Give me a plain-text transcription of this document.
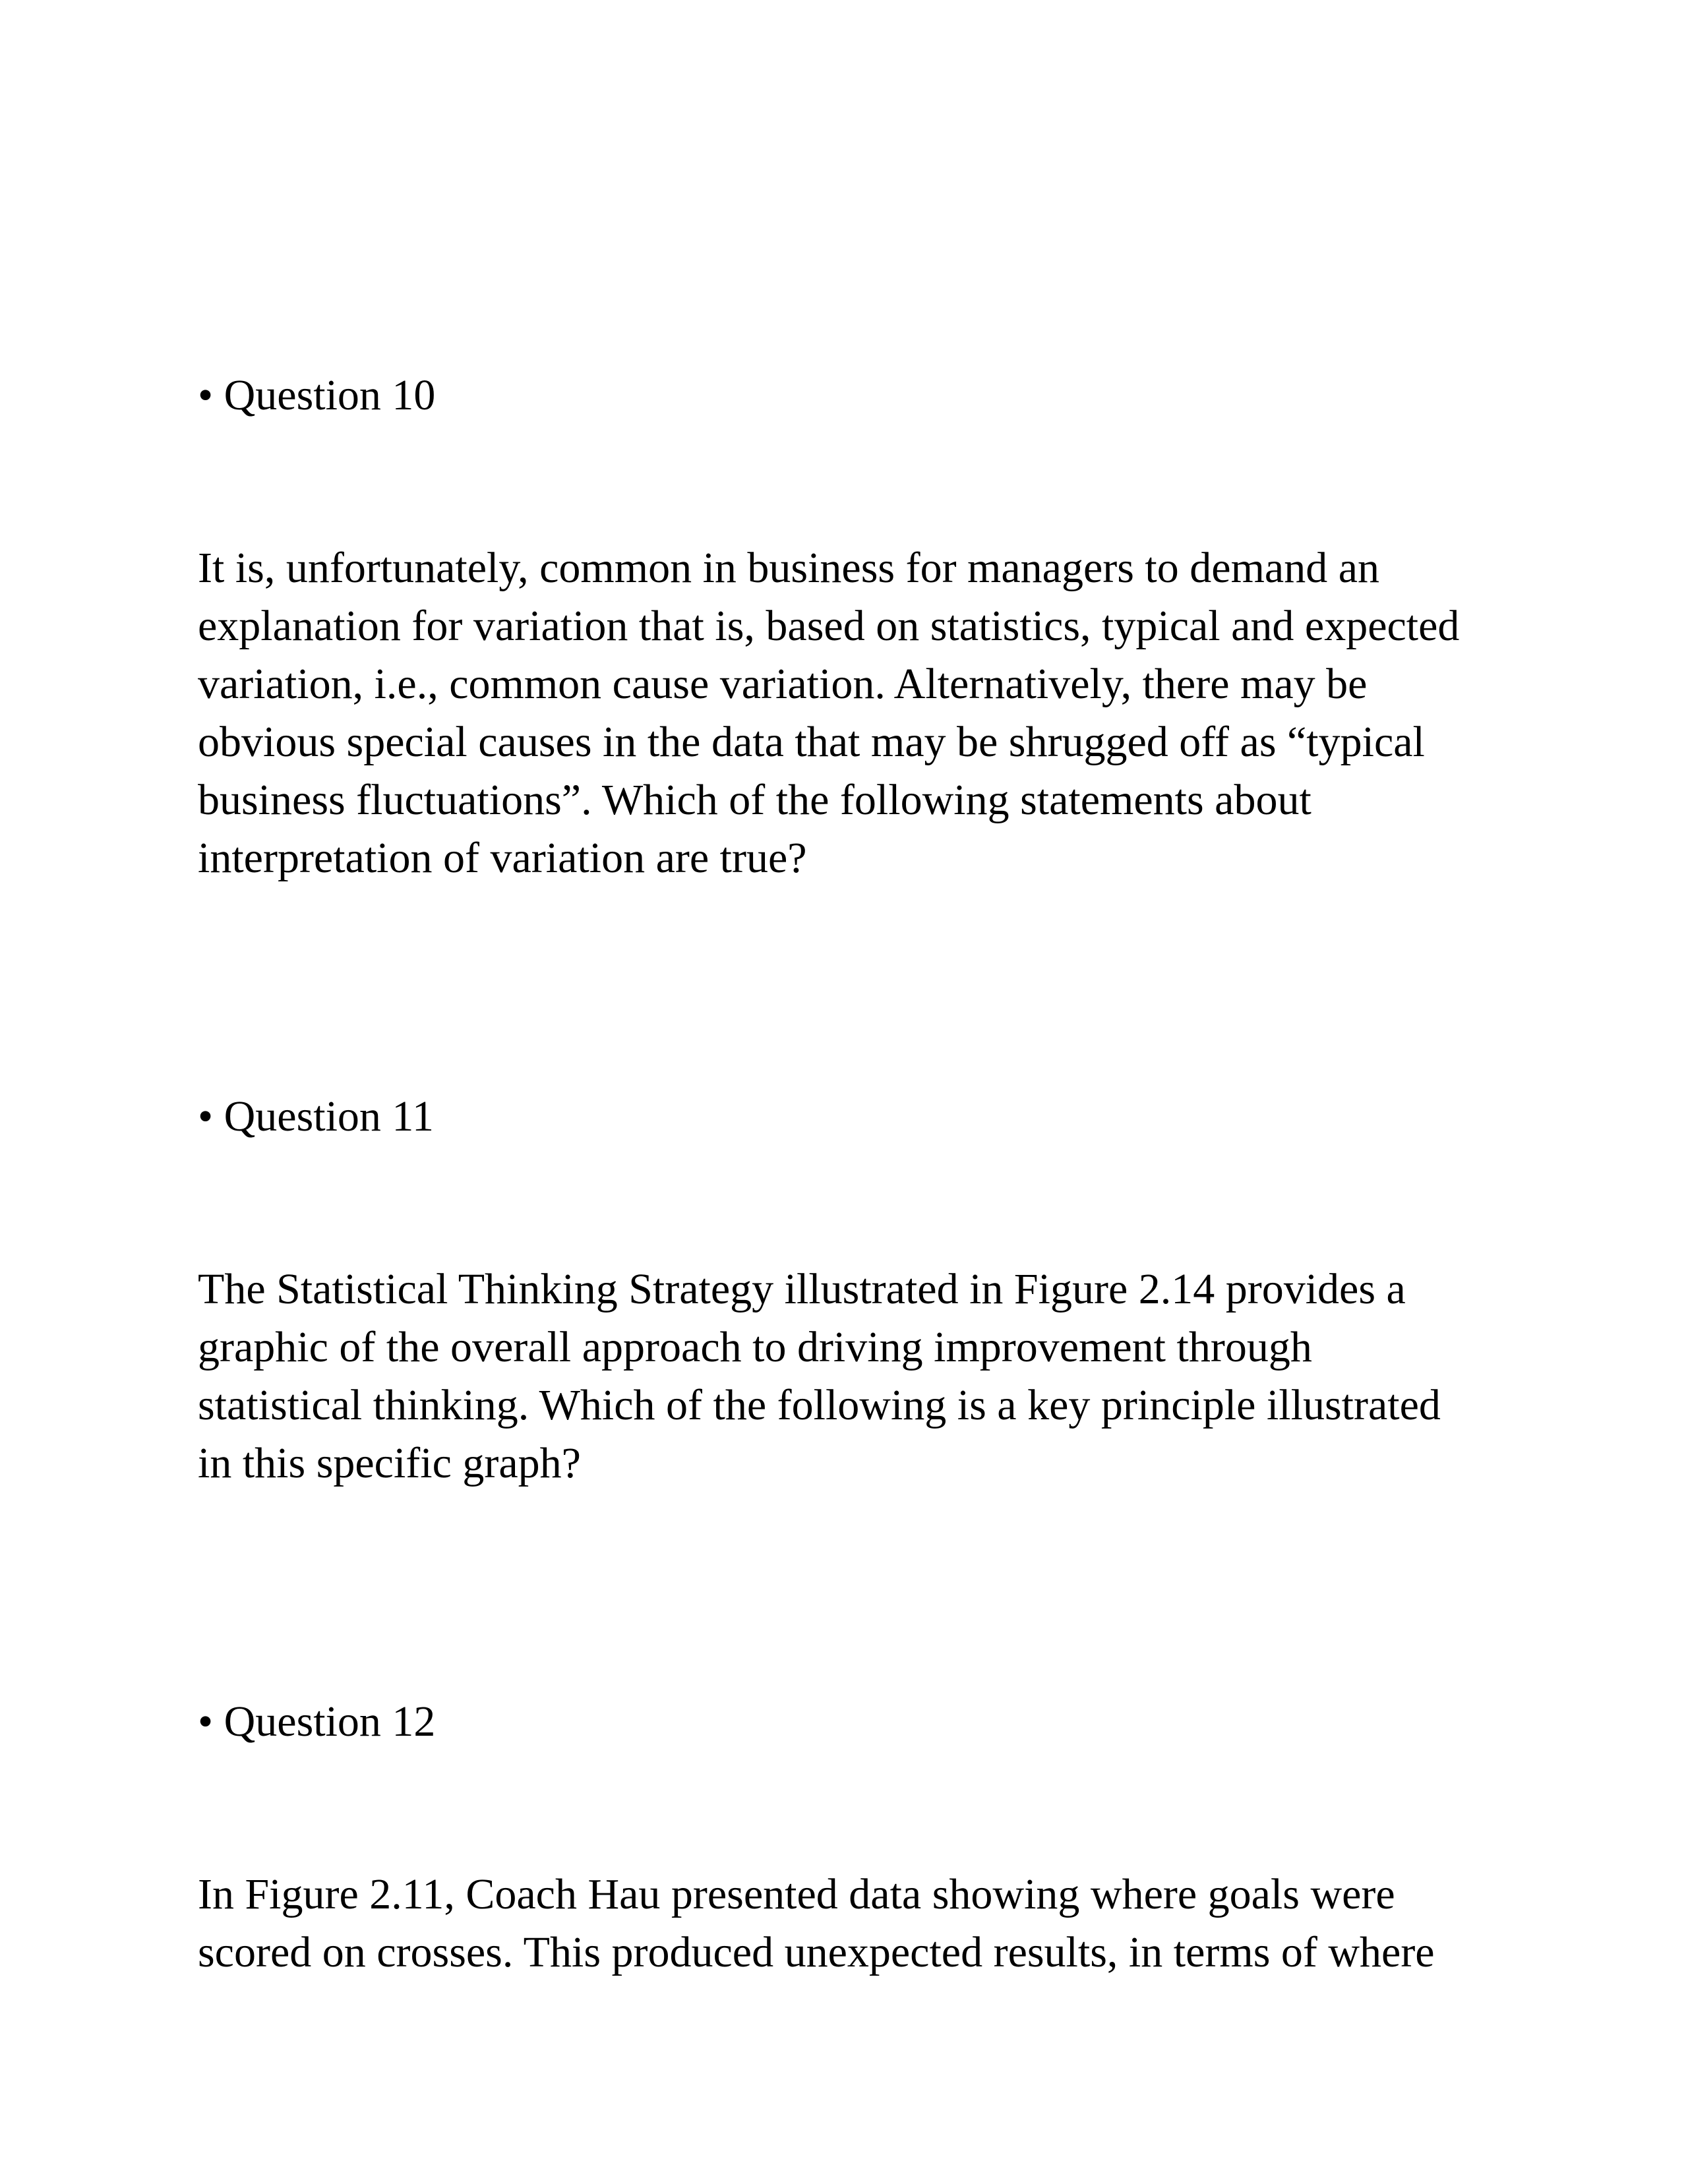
• Question 10

It is, unfortunately, common in business for managers to demand an
explanation for variation that is, based on statistics, typical and expected
variation, i.e., common cause variation. Alternatively, there may be
obvious special causes in the data that may be shrugged off as “typical
business fluctuations”. Which of the following statements about
interpretation of variation are true?

• Question 11

The Statistical Thinking Strategy illustrated in Figure 2.14 provides a
graphic of the overall approach to driving improvement through
statistical thinking. Which of the following is a key principle illustrated
in this specific graph?

• Question 12

In Figure 2.11, Coach Hau presented data showing where goals were
scored on crosses. This produced unexpected results, in terms of where
